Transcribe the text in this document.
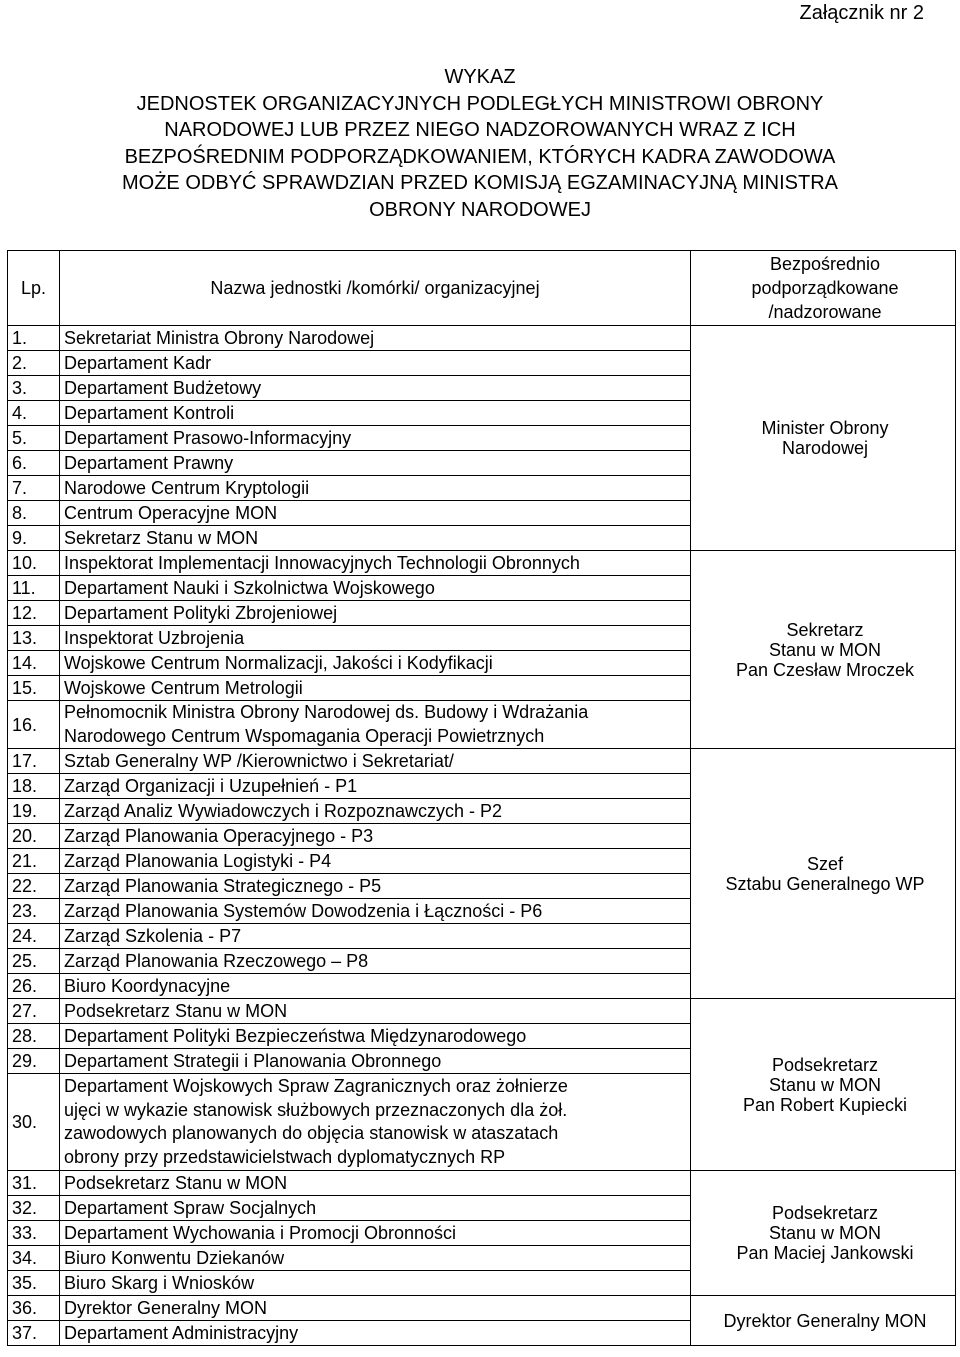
Załącznik nr 2
WYKAZ
JEDNOSTEK ORGANIZACYJNYCH PODLEGŁYCH MINISTROWI OBRONY
NARODOWEJ LUB PRZEZ NIEGO NADZOROWANYCH WRAZ Z ICH
BEZPOŚREDNIM PODPORZĄDKOWANIEM, KTÓRYCH KADRA ZAWODOWA
MOŻE ODBYĆ SPRAWDZIAN PRZED KOMISJĄ EGZAMINACYJNĄ MINISTRA
OBRONY NARODOWEJ
Lp.	Nazwa jednostki /komórki/ organizacyjnej	Bezpośrednio
podporządkowane
/nadzorowane

1.	Sekretariat Ministra Obrony Narodowej	Minister Obrony
Narodowej

2.	Departament Kadr	
3.	Departament Budżetowy	
4.	Departament Kontroli	
5.	Departament Prasowo-Informacyjny	
6.	Departament Prawny	
7.	Narodowe Centrum Kryptologii	
8.	Centrum Operacyjne MON	
9.	Sekretarz Stanu w MON	
10.	Inspektorat Implementacji Innowacyjnych Technologii Obronnych	Sekretarz
Stanu w MON
Pan Czesław Mroczek

11.	Departament Nauki i Szkolnictwa Wojskowego	
12.	Departament Polityki Zbrojeniowej	
13.	Inspektorat Uzbrojenia	
14.	Wojskowe Centrum Normalizacji, Jakości i Kodyfikacji	
15.	Wojskowe Centrum Metrologii	
16.	Pełnomocnik Ministra Obrony Narodowej ds. Budowy i Wdrażania
Narodowego Centrum Wspomagania Operacji Powietrznych	

17.	Sztab Generalny WP /Kierownictwo i Sekretariat/	Szef
Sztabu Generalnego WP

18.	Zarząd Organizacji i Uzupełnień - P1	
19.	Zarząd Analiz Wywiadowczych i Rozpoznawczych - P2	
20.	Zarząd Planowania Operacyjnego - P3	
21.	Zarząd Planowania Logistyki - P4	
22.	Zarząd Planowania Strategicznego - P5	
23.	Zarząd Planowania Systemów Dowodzenia i Łączności - P6	
24.	Zarząd Szkolenia - P7	
25.	Zarząd Planowania Rzeczowego – P8	
26.	Biuro Koordynacyjne	
27.	Podsekretarz Stanu w MON	Podsekretarz
Stanu w MON
Pan Robert Kupiecki

28.	Departament Polityki Bezpieczeństwa Międzynarodowego	
29.	Departament Strategii i Planowania Obronnego	
30.	Departament Wojskowych Spraw Zagranicznych oraz żołnierze
ujęci w wykazie stanowisk służbowych przeznaczonych dla żoł.
zawodowych planowanych do objęcia stanowisk w ataszatach
obrony przy przedstawicielstwach dyplomatycznych RP	

31.	Podsekretarz Stanu w MON	Podsekretarz
Stanu w MON
Pan Maciej Jankowski

32.	Departament Spraw Socjalnych	
33.	Departament Wychowania i Promocji Obronności	
34.	Biuro Konwentu Dziekanów	
35.	Biuro Skarg i Wniosków	
36.	Dyrektor Generalny MON	Dyrektor Generalny MON

37.	Departament Administracyjny	
